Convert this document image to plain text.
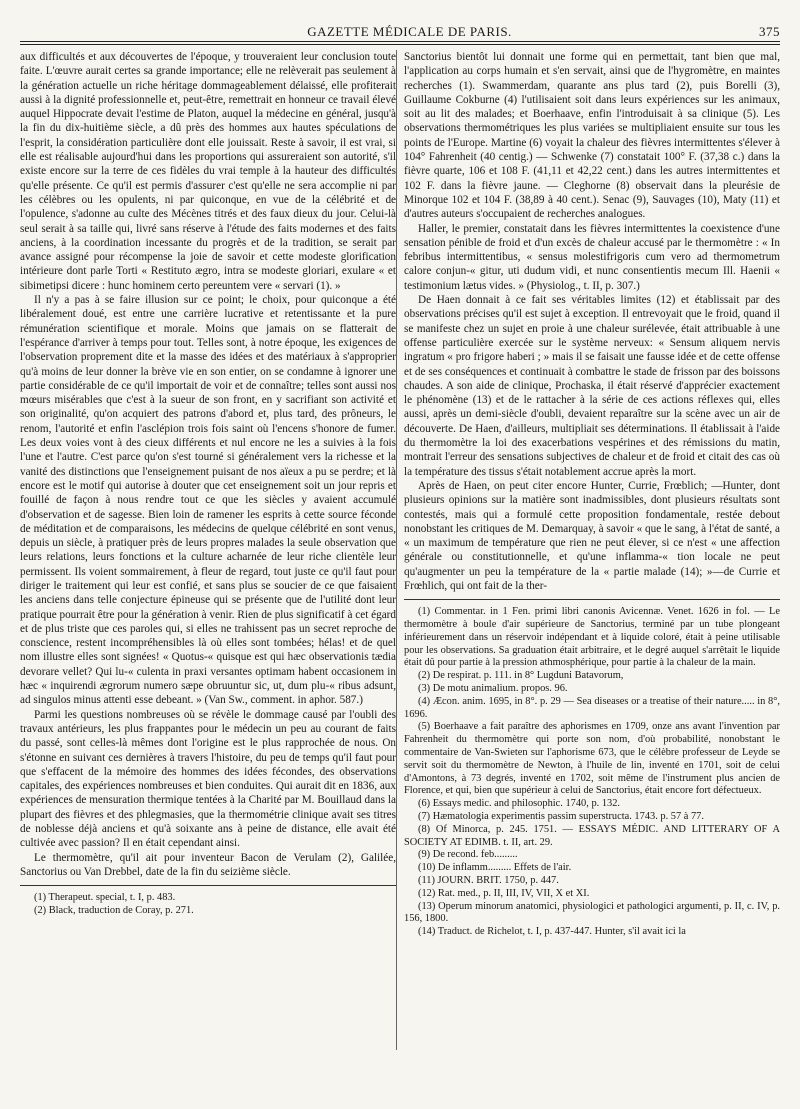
GAZETTE MÉDICALE DE PARIS.	375

aux difficultés et aux découvertes de l'époque, y trouveraient leur conclusion toute faite. L'œuvre aurait certes sa grande importance; elle ne relèverait pas seulement à la génération actuelle un riche héritage dommageablement délaissé, elle profiterait aussi à la dignité professionnelle et, peut-être, remettrait en honneur ce travail élevé auquel Hippocrate devait l'estime de Platon, auquel la médecine en général, jusqu'à la fin du dix-huitième siècle, a dû près des hommes aux hautes spéculations de l'esprit, la considération particulière dont elle jouissait. Reste à savoir, il est vrai, si elle est réalisable aujourd'hui dans les proportions qui assureraient son autorité, s'il existe encore sur la terre de ces fidèles du vrai temple à la hauteur des difficultés qu'elle présente. Ce qu'il est permis d'assurer c'est qu'elle ne sera accomplie ni par les célèbres ou les opulents, ni par quiconque, en vue de la célébrité et de l'opulence, s'adonne au culte des Mécènes titrés et des faux dieux du jour. Celui-là seul serait à sa taille qui, livré sans réserve à l'étude des faits modernes et des faits anciens, à la coordination incessante du progrès et de la tradition, se serait par avance assigné pour récompense la joie de savoir et cette modeste glorification intérieure dont parle Torti « Restituto ægro, intra se modeste gloriari, exulare « et sibimetipsi dicere : hunc hominem certo pereuntem vere « servari (1). »

Il n'y a pas à se faire illusion sur ce point; le choix, pour quiconque a été libéralement doué, est entre une carrière lucrative et retentissante et la pure rémunération scientifique et morale. Moins que jamais on se flatterait de l'espérance d'arriver à temps pour tout. Telles sont, à notre époque, les exigences de l'observation proprement dite et la masse des idées et des matériaux à s'approprier qu'à moins de leur donner la brève vie en son entier, on se condamne à ignorer une partie considérable de ce qu'il importait de voir et de connaître; telles sont aussi nos mœurs misérables que c'est à la sueur de son front, en y sacrifiant son activité et son originalité, qu'on acquiert des patrons d'abord et, plus tard, des prôneurs, le renom, l'autorité et enfin l'asclépion trois fois saint où l'encens s'honore de fumer. Les deux voies vont à des cieux différents et nul encore ne les a suivies à la fois l'une et l'autre. C'est parce qu'on s'est tourné si généralement vers la richesse et la vanité des distinctions que l'enseignement puisant de nos aïeux a pu se perdre; et là encore est le motif qui autorise à douter que cet enseignement soit un jour repris et fouillé de façon à nous rendre tout ce que les siècles y avaient accumulé d'observation et de sagesse. Bien loin de ramener les esprits à cette source féconde de méditation et de comparaisons, les médecins de quelque célébrité en sont venus, depuis un siècle, à pratiquer près de leurs propres malades la seule observation que leurs relations, leurs fonctions et la culture acharnée de leur riche clientèle leur permissent. Ils voient sommairement, à fleur de regard, tout juste ce qu'il faut pour diriger le traitement qui leur est confié, et sans plus se soucier de ce que faisaient les anciens dans telle conjecture épineuse qui se présente que de l'utilité dont leur pratique pourrait être pour la génération à venir. Rien de plus significatif à cet égard et de plus triste que ces paroles qui, si elles ne trahissent pas un secret reproche de conscience, restent incompréhensibles là où elles sont tombées; hélas! et de quel nom illustre elles sont signées! « Quotus-« quisque est qui hæc observationis tædia devorare vellet? Qui lu-« culenta in praxi versantes optimam habent occasionem in hæc « inquirendi ægrorum numero sæpe obruuntur sic, ut, dum plu-« ribus adsunt, ad singulos minus attenti esse debeant. » (Van Sw., comment. in aphor. 587.)

Parmi les questions nombreuses où se révèle le dommage causé par l'oubli des travaux antérieurs, les plus frappantes pour le médecin un peu au courant de faits du passé, sont celles-là mêmes dont l'origine est le plus rapprochée de nous. On s'étonne en suivant ces dernières à travers l'histoire, du peu de temps qu'il faut pour que s'effacent de la mémoire des hommes des idées fécondes, des observations capitales, des expériences nombreuses et bien conduites. Qui aurait dit en 1836, aux expériences de mensuration thermique tentées à la Charité par M. Bouillaud dans la plupart des fièvres et des phlegmasies, que la thermométrie clinique avait ses titres de noblesse déjà anciens et qu'à soixante ans à peine de distance, elle avait été cultivée avec passion? Il en était cependant ainsi.

Le thermomètre, qu'il ait pour inventeur Bacon de Verulam (2), Galilée, Sanctorius ou Van Drebbel, date de la fin du seizième siècle.

(1) Therapeut. special, t. I, p. 483.

(2) Black, traduction de Coray, p. 271.

Sanctorius bientôt lui donnait une forme qui en permettait, tant bien que mal, l'application au corps humain et s'en servait, ainsi que de l'hygromètre, en maintes recherches (1). Swammerdam, quarante ans plus tard (2), puis Borelli (3), Guillaume Cokburne (4) l'utilisaient soit dans leurs expériences sur les animaux, soit au lit des malades; et Boerhaave, enfin l'introduisait à sa clinique (5). Les observations thermométriques les plus variées se multipliaient ensuite sur tous les points de l'Europe. Martine (6) voyait la chaleur des fièvres intermittentes s'élever à 104° Fahrenheit (40 centig.) — Schwenke (7) constatait 100° F. (37,38 c.) dans la fièvre quarte, 106 et 108 F. (41,11 et 42,22 cent.) dans les autres intermittentes et 102 F. dans la fièvre jaune. — Cleghorne (8) observait dans la pleurésie de Minorque 102 et 104 F. (38,89 à 40 cent.). Senac (9), Sauvages (10), Maty (11) et d'autres auteurs s'occupaient de recherches analogues.

Haller, le premier, constatait dans les fièvres intermittentes la coexistence d'une sensation pénible de froid et d'un excès de chaleur accusé par le thermomètre : « In febribus intermittentibus, « sensus molestifrigoris cum vero ad thermometrum calore conjun-« gitur, uti dudum vidi, et nunc consentientis mecum Ill. Haenii « testimonium lætus vides. » (Physiolog., t. II, p. 307.)

De Haen donnait à ce fait ses véritables limites (12) et établissait par des observations précises qu'il est sujet à exception. Il entrevoyait que le froid, quand il se manifeste chez un sujet en proie à une chaleur surélevée, était attribuable à une offense particulière exercée sur le système nerveux: « Sensum aliquem nervis ingratum « pro frigore haberi ; » mais il se faisait une fausse idée et de cette offense et de ses conséquences et continuait à combattre le stade de frisson par des boissons chaudes. A son aide de clinique, Prochaska, il était réservé d'apprécier exactement le phénomène (13) et de le rattacher à la série de ces actions réflexes qui, elles aussi, après un demi-siècle d'oubli, devaient reparaître sur la scène avec un air de découverte. De Haen, d'ailleurs, multipliait ses déterminations. Il établissait à l'aide du thermomètre la loi des exacerbations vespérines et des rémissions du matin, montrait l'erreur des sensations subjectives de chaleur et de froid et citait des cas où la température des tissus s'était notablement accrue après la mort.

Après de Haen, on peut citer encore Hunter, Currie, Frœblich; —Hunter, dont plusieurs opinions sur la matière sont inadmissibles, dont plusieurs résultats sont contestés, mais qui a formulé cette proposition fondamentale, restée debout nonobstant les critiques de M. Demarquay, à savoir « que le sang, à l'état de santé, a « un maximum de température que rien ne peut élever, si ce n'est « une affection générale ou constitutionnelle, et qu'une inflamma-« tion locale ne peut qu'augmenter un peu la température de la « partie malade (14); »—de Currie et Frœhlich, qui ont fait de la ther-

(1) Commentar. in 1 Fen. primi libri canonis Avicennæ. Venet. 1626 in fol. — Le thermomètre à boule d'air supérieure de Sanctorius, terminé par un tube plongeant inférieurement dans un réservoir indépendant et à liquide coloré, était à peine utilisable pour les observations. Sa graduation était arbitraire, et le degré auquel s'arrêtait le liquide était dû pour partie à la pression athmosphérique, pour partie à la chaleur de la main.

(2) De respirat. p. 111. in 8° Lugduni Batavorum,

(3) De motu animalium. propos. 96.

(4) Æcon. anim. 1695, in 8°. p. 29 — Sea diseases or a treatise of their nature..... in 8°, 1696.

(5) Boerhaave a fait paraître des aphorismes en 1709, onze ans avant l'invention par Fahrenheit du thermomètre qui porte son nom, d'où probabilité, nonobstant le commentaire de Van-Swieten sur l'aphorisme 673, que le célèbre professeur de Leyde se servit soit du thermomètre de Newton, à l'huile de lin, inventé en 1701, soit de celui d'Amontons, à 73 degrés, inventé en 1702, soit même de l'instrument plus ancien de Florence, et qui, bien que supérieur à celui de Sanctorius, était encore fort défectueux.

(6) Essays medic. and philosophic. 1740, p. 132.

(7) Hæmatologia experimentis passim superstructa. 1743. p. 57 à 77.

(8) Of Minorca, p. 245. 1751. — ESSAYS MÉDIC. AND LITTERARY OF A SOCIETY AT EDIMB. t. II, art. 29.

(9) De recond. feb.........

(10) De inflamm......... Effets de l'air.

(11) JOURN. BRIT. 1750, p. 447.

(12) Rat. med., p. II, III, IV, VII, X et XI.

(13) Operum minorum anatomici, physiologici et pathologici argumenti, p. II, c. IV, p. 156, 1800.

(14) Traduct. de Richelot, t. I, p. 437-447. Hunter, s'il avait ici la
